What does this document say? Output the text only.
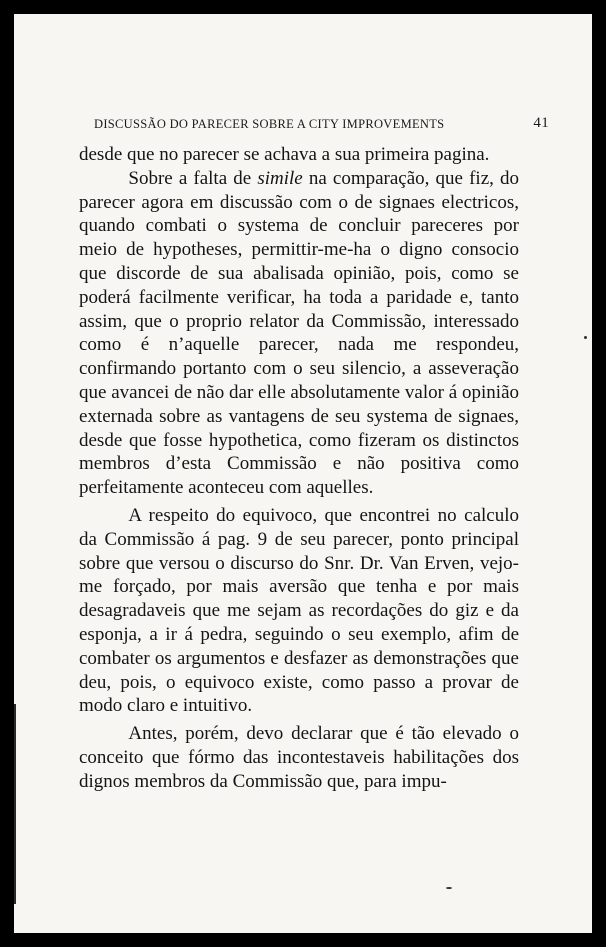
DISCUSSÃO DO PARECER SOBRE A CITY IMPROVEMENTS	41

desde que no parecer se achava a sua primeira pagina.

Sobre a falta de simile na comparação, que fiz, do parecer agora em discussão com o de signaes electricos, quando combati o systema de concluir pareceres por meio de hypotheses, permittir-me-ha o digno consocio que discorde de sua abalisada opinião, pois, como se poderá facilmente verificar, ha toda a paridade e, tanto assim, que o proprio relator da Commissão, interessado como é n’aquelle parecer, nada me respondeu, confirmando portanto com o seu silencio, a asseveração que avancei de não dar elle absolutamente valor á opinião externada sobre as vantagens de seu systema de signaes, desde que fosse hypothetica, como fizeram os distinctos membros d’esta Commissão e não positiva como perfeitamente aconteceu com aquelles.

A respeito do equivoco, que encontrei no calculo da Commissão á pag. 9 de seu parecer, ponto principal sobre que versou o discurso do Snr. Dr. Van Erven, vejo-me forçado, por mais aversão que tenha e por mais desagradaveis que me sejam as recordações do giz e da esponja, a ir á pedra, seguindo o seu exemplo, afim de combater os argumentos e desfazer as demonstrações que deu, pois, o equivoco existe, como passo a provar de modo claro e intuitivo.

Antes, porém, devo declarar que é tão elevado o conceito que fórmo das incontestaveis habilitações dos dignos membros da Commissão que, para impu-
